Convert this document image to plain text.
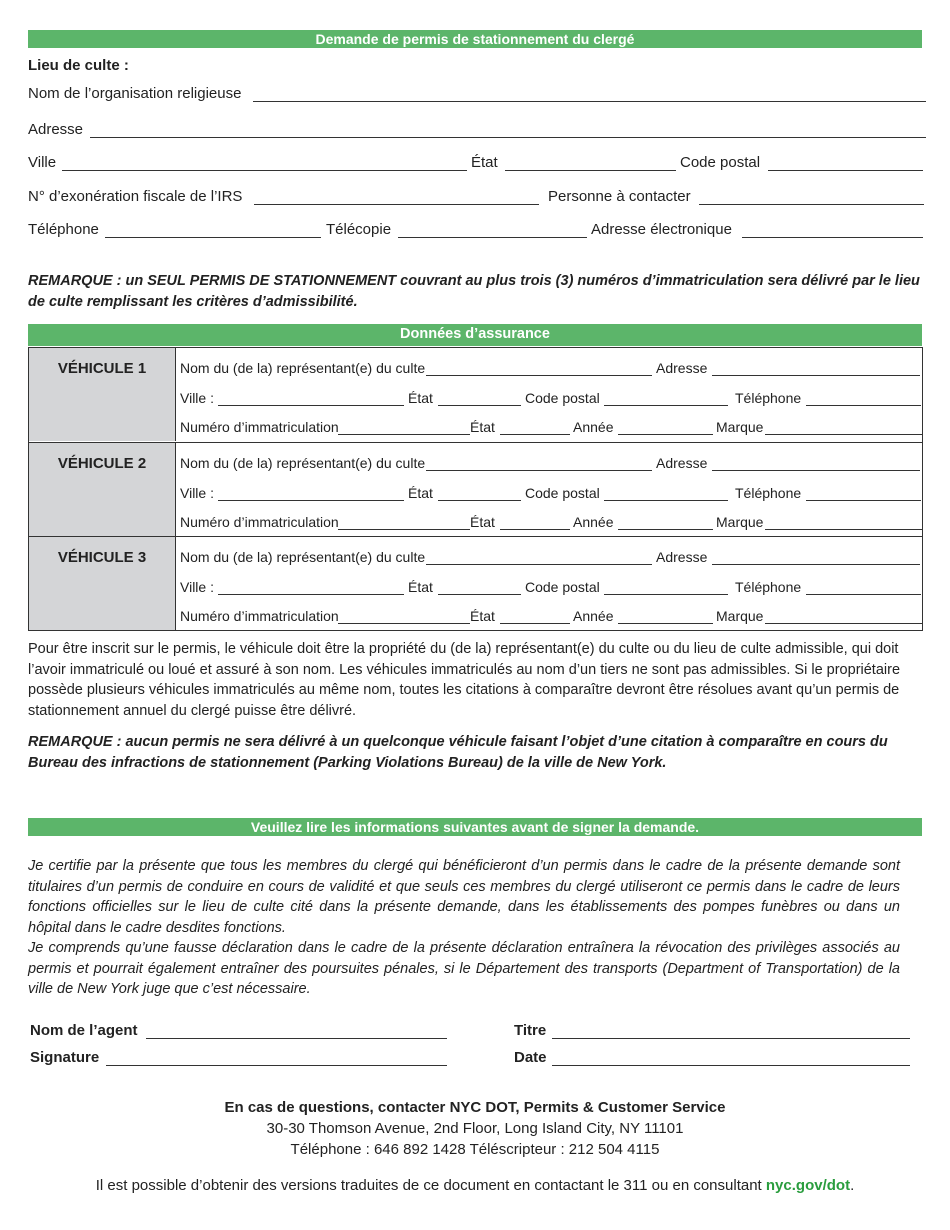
Demande de permis de stationnement du clergé
Lieu de culte :
Nom de l’organisation religieuse
Adresse
Ville	État	Code postal
N° d’exonération fiscale de l’IRS	Personne à contacter
Téléphone	Télécopie	Adresse électronique
REMARQUE : un SEUL PERMIS DE STATIONNEMENT couvrant au plus trois (3) numéros d’immatriculation sera délivré par le lieu de culte remplissant les critères d’admissibilité.
Données d’assurance
VÉHICULE 1	Nom du (de la) représentant(e) du culte	Adresse
Ville :	État	Code postal	Téléphone
Numéro d’immatriculation	État	Année	Marque
VÉHICULE 2	Nom du (de la) représentant(e) du culte	Adresse
Ville :	État	Code postal	Téléphone
Numéro d’immatriculation	État	Année	Marque
VÉHICULE 3	Nom du (de la) représentant(e) du culte	Adresse
Ville :	État	Code postal	Téléphone
Numéro d’immatriculation	État	Année	Marque
Pour être inscrit sur le permis, le véhicule doit être la propriété du (de la) représentant(e) du culte ou du lieu de culte admissible, qui doit l’avoir immatriculé ou loué et assuré à son nom. Les véhicules immatriculés au nom d’un tiers ne sont pas admissibles. Si le propriétaire possède plusieurs véhicules immatriculés au même nom, toutes les citations à comparaître devront être résolues avant qu’un permis de stationnement annuel du clergé puisse être délivré.
REMARQUE : aucun permis ne sera délivré à un quelconque véhicule faisant l’objet d’une citation à comparaître en cours du Bureau des infractions de stationnement (Parking Violations Bureau) de la ville de New York.
Veuillez lire les informations suivantes avant de signer la demande.
Je certifie par la présente que tous les membres du clergé qui bénéficieront d’un permis dans le cadre de la présente demande sont titulaires d’un permis de conduire en cours de validité et que seuls ces membres du clergé utiliseront ce permis dans le cadre de leurs fonctions officielles sur le lieu de culte cité dans la présente demande, dans les établissements des pompes funèbres ou dans un hôpital dans le cadre desdites fonctions.
Je comprends qu’une fausse déclaration dans le cadre de la présente déclaration entraînera la révocation des privilèges associés au permis et pourrait également entraîner des poursuites pénales, si le Département des transports (Department of Transportation) de la ville de New York juge que c’est nécessaire.
Nom de l’agent	Titre
Signature	Date
En cas de questions, contacter NYC DOT, Permits & Customer Service
30-30 Thomson Avenue, 2nd Floor, Long Island City, NY 11101
Téléphone : 646 892 1428 Téléscripteur : 212 504 4115
Il est possible d’obtenir des versions traduites de ce document en contactant le 311 ou en consultant nyc.gov/dot.
